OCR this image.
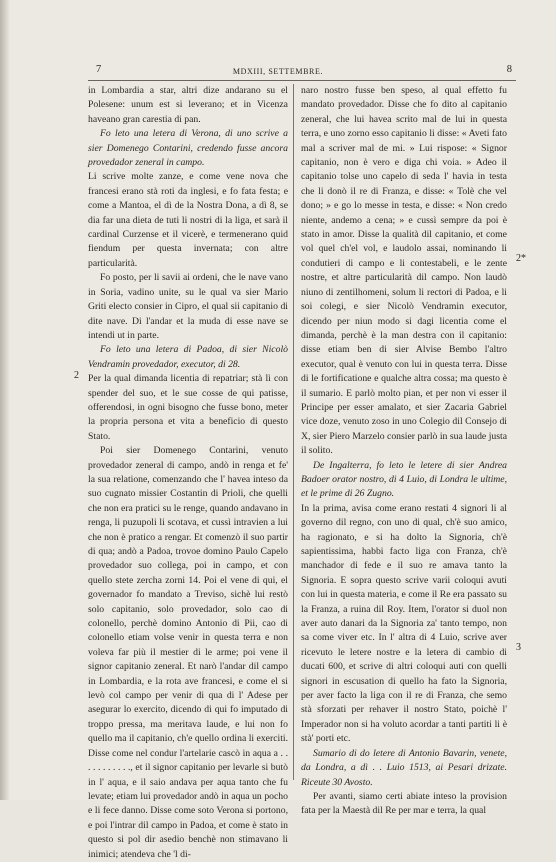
7	MDXIII, SETTEMBRE.	8
2
2*
3

in Lombardia a star, altri dize andarano su el Polesene: unum est si leverano; et in Vicenza haveano gran carestia di pan.

Fo leto una letera di Verona, di uno scrive a sier Domenego Contarini, credendo fusse ancora provedador zeneral in campo.

Li scrive molte zanze, e come vene nova che francesi erano stà roti da inglesi, e fo fata festa; e come a Mantoa, el dì de la Nostra Dona, a dì 8, se dia far una dieta de tuti li nostri di la liga, et sarà il cardinal Curzense et il vicerè, e termenerano quid fiendum per questa invernata; con altre particularità.

Fo posto, per li savii ai ordeni, che le nave vano in Soria, vadino unite, su le qual va sier Mario Griti electo consier in Cipro, el qual sii capitanio di dite nave. Di l'andar et la muda di esse nave se intendi ut in parte.

Fo leto una letera di Padoa, di sier Nicolò Vendramin provedador, executor, di 28.

Per la qual dimanda licentia di repatriar; stà lì con spender del suo, et le sue cosse de qui patisse, offerendosi, in ogni bisogno che fusse bono, meter la propria persona et vita a beneficio di questo Stato.

Poi sier Domenego Contarini, venuto provedador zeneral di campo, andò in renga et fe' la sua relatione, comenzando che l' havea inteso da suo cugnato missier Costantin di Prioli, che quelli che non era pratici su le renge, quando andavano in renga, li puzupoli li scotava, et cussì intravien a lui che non è pratico a rengar. Et comenzò il suo partir di qua; andò a Padoa, trovoe domino Paulo Capelo provedador suo collega, poi in campo, et con quello stete zercha zorni 14. Poi el vene di qui, el governador fo mandato a Treviso, sichè lui restò solo capitanio, solo provedador, solo cao di colonello, perchè domino Antonio di Pii, cao di colonello etiam volse venir in questa terra e non voleva far più il mestier di le arme; poi vene il signor capitanio zeneral. Et narò l'andar dil campo in Lombardia, e la rota ave francesi, e come el si levò col campo per venir di qua di l' Adese per asegurar lo exercito, dicendo di qui fo imputado di troppo pressa, ma meritava laude, e lui non fo quello ma il capitanio, ch'e quello ordina li exerciti. Disse come nel condur l'artelarie cascò in aqua a . . . . . . . . . . ., et il signor capitanio per levarle si butò in l' aqua, e il saio andava per aqua tanto che fu levate; etiam lui provedador andò in aqua un pocho e li fece danno. Disse come soto Verona si portono, e poi l'intrar dil campo in Padoa, et come è stato in questo si pol dir asedio benchè non stimavano li inimici; atendeva che 'l di-

naro nostro fusse ben speso, al qual effetto fu mandato provedador. Disse che fo dito al capitanio zeneral, che lui havea scrito mal de lui in questa terra, e uno zorno esso capitanio li disse: « Aveti fato mal a scriver mal de mi. » Lui rispose: « Signor capitanio, non è vero e diga chi voia. » Adeo il capitanio tolse uno capelo di seda l' havia in testa che li donò il re di Franza, e disse: « Tolè che vel dono; » e go lo messe in testa, e disse: « Non credo niente, andemo a cena; » e cussì sempre da poi è stato in amor. Disse la qualità dil capitanio, et come vol quel ch'el vol, e laudolo assai, nominando li condutieri di campo e li contestabeli, e le zente nostre, et altre particularità dil campo. Non laudò niuno di zentilhomeni, solum li rectori di Padoa, e li soi colegi, e sier Nicolò Vendramin executor, dicendo per niun modo si dagi licentia come el dimanda, perchè è la man destra con il capitanio: disse etiam ben di sier Alvise Bembo l'altro executor, qual è venuto con lui in questa terra. Disse di le fortificatione e qualche altra cossa; ma questo è il sumario. E parlò molto pian, et per non vi esser il Principe per esser amalato, et sier Zacaria Gabriel vice doze, venuto zoso in uno Colegio dil Consejo di X, sier Piero Marzelo consier parlò in sua laude justa il solito.

De Ingalterra, fo leto le letere di sier Andrea Badoer orator nostro, di 4 Luio, di Londra le ultime, et le prime di 26 Zugno.

In la prima, avisa come erano restati 4 signori li al governo dil regno, con uno di qual, ch'è suo amico, ha ragionato, e si ha dolto la Signoria, ch'è sapientissima, habbi facto liga con Franza, ch'è manchador di fede e il suo re amava tanto la Signoria. E sopra questo scrive varii coloqui avuti con lui in questa materia, e come il Re era passato su la Franza, a ruina dil Roy. Item, l'orator si duol non aver auto danari da la Signoria za' tanto tempo, non sa come viver etc. In l' altra di 4 Luio, scrive aver ricevuto le letere nostre e la letera di cambio di ducati 600, et scrive di altri coloqui auti con quelli signori in escusation di quello ha fato la Signoria, per aver facto la liga con il re di Franza, che semo stà sforzati per rehaver il nostro Stato, poichè l' Imperador non si ha voluto acordar a tanti partiti li è stà' porti etc.

Sumario di do letere di Antonio Bavarin, venete, da Londra, a dì . . Luio 1513, ai Pesari drizate. Riceute 30 Avosto.

Per avanti, siamo certi abiate inteso la provision fata per la Maestà dil Re per mar e terra, la qual
